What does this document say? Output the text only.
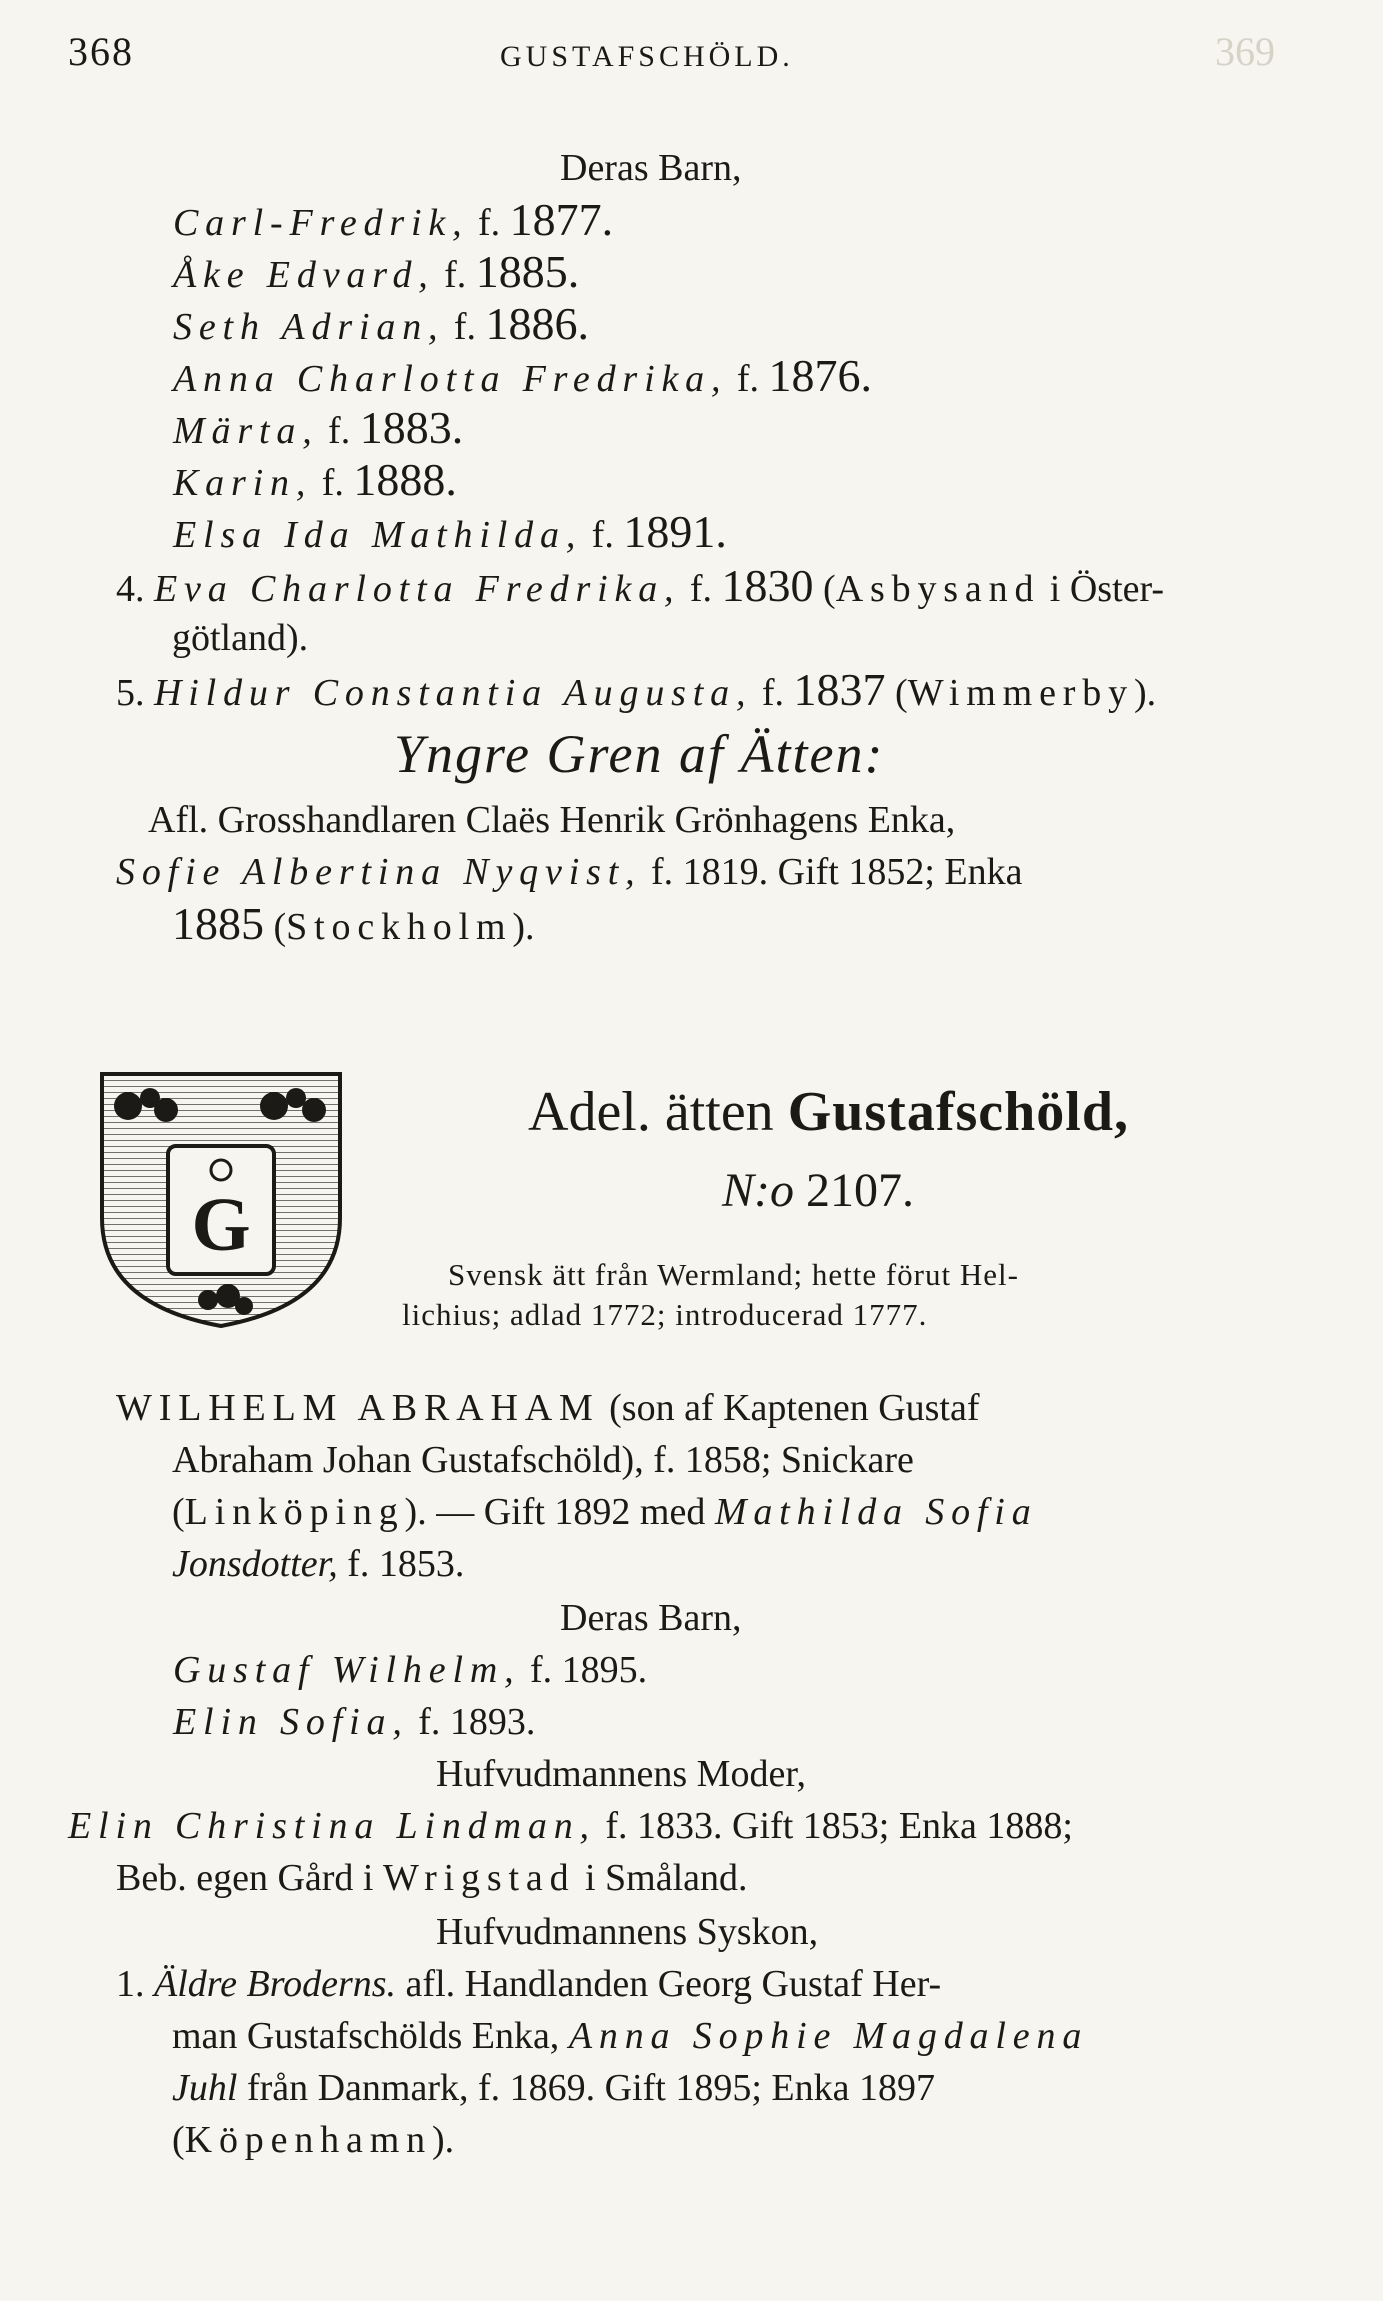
368	GUSTAFSCHÖLD.	369
Deras Barn,
Carl-Fredrik, f. 1877.
Åke Edvard, f. 1885.
Seth Adrian, f. 1886.
Anna Charlotta Fredrika, f. 1876.
Märta, f. 1883.
Karin, f. 1888.
Elsa Ida Mathilda, f. 1891.
4. Eva Charlotta Fredrika, f. 1830 (Asbysand i Öster-
götland).
5. Hildur Constantia Augusta, f. 1837 (Wimmerby).
Yngre Gren af Ätten:
Afl. Grosshandlaren Claës Henrik Grönhagens Enka,
Sofie Albertina Nyqvist, f. 1819. Gift 1852; Enka
1885 (Stockholm).
G
Adel. ätten Gustafschöld,
N:o 2107.
Svensk ätt från Wermland; hette förut Hel-
lichius; adlad 1772; introducerad 1777.
WILHELM ABRAHAM (son af Kaptenen Gustaf
Abraham Johan Gustafschöld), f. 1858; Snickare
(Linköping). — Gift 1892 med Mathilda Sofia
Jonsdotter, f. 1853.
Deras Barn,
Gustaf Wilhelm, f. 1895.
Elin Sofia, f. 1893.
Hufvudmannens Moder,
Elin Christina Lindman, f. 1833. Gift 1853; Enka 1888;
Beb. egen Gård i Wrigstad i Småland.
Hufvudmannens Syskon,
1. Äldre Broderns. afl. Handlanden Georg Gustaf Her-
man Gustafschölds Enka, Anna Sophie Magdalena
Juhl från Danmark, f. 1869. Gift 1895; Enka 1897
(Köpenhamn).
